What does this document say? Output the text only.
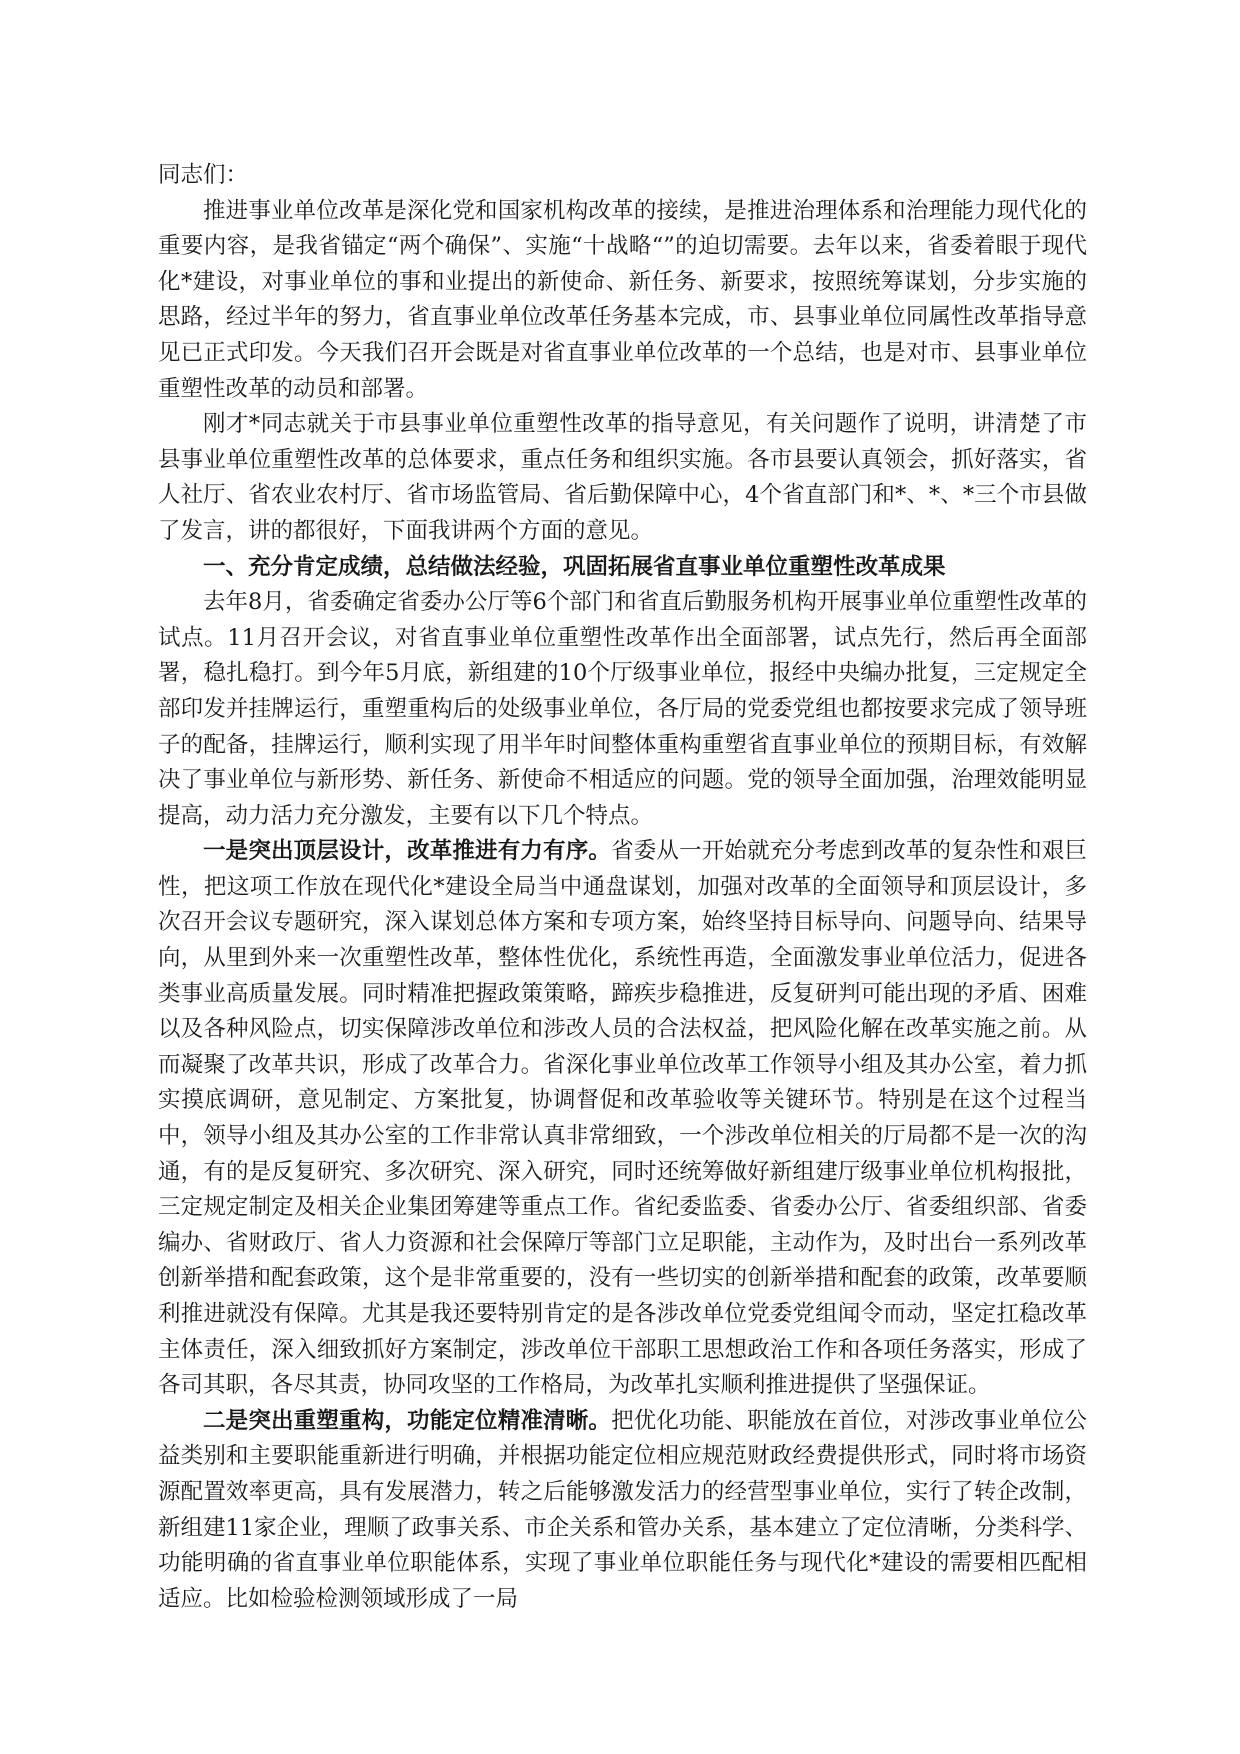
同志们：

推进事业单位改革是深化党和国家机构改革的接续，是推进治理体系和治理能力现代化的重要内容，是我省锚定“两个确保”、实施“十战略“”的迫切需要。去年以来，省委着眼于现代化*建设，对事业单位的事和业提出的新使命、新任务、新要求，按照统筹谋划，分步实施的思路，经过半年的努力，省直事业单位改革任务基本完成，市、县事业单位同属性改革指导意见已正式印发。今天我们召开会既是对省直事业单位改革的一个总结，也是对市、县事业单位重塑性改革的动员和部署。

刚才*同志就关于市县事业单位重塑性改革的指导意见，有关问题作了说明，讲清楚了市县事业单位重塑性改革的总体要求，重点任务和组织实施。各市县要认真领会，抓好落实，省人社厅、省农业农村厅、省市场监管局、省后勤保障中心，4个省直部门和*、*、*三个市县做了发言，讲的都很好，下面我讲两个方面的意见。

一、充分肯定成绩，总结做法经验，巩固拓展省直事业单位重塑性改革成果

去年8月，省委确定省委办公厅等6个部门和省直后勤服务机构开展事业单位重塑性改革的试点。11月召开会议，对省直事业单位重塑性改革作出全面部署，试点先行，然后再全面部署，稳扎稳打。到今年5月底，新组建的10个厅级事业单位，报经中央编办批复，三定规定全部印发并挂牌运行，重塑重构后的处级事业单位，各厅局的党委党组也都按要求完成了领导班子的配备，挂牌运行，顺利实现了用半年时间整体重构重塑省直事业单位的预期目标，有效解决了事业单位与新形势、新任务、新使命不相适应的问题。党的领导全面加强，治理效能明显提高，动力活力充分激发，主要有以下几个特点。

一是突出顶层设计，改革推进有力有序。省委从一开始就充分考虑到改革的复杂性和艰巨性，把这项工作放在现代化*建设全局当中通盘谋划，加强对改革的全面领导和顶层设计，多次召开会议专题研究，深入谋划总体方案和专项方案，始终坚持目标导向、问题导向、结果导向，从里到外来一次重塑性改革，整体性优化，系统性再造，全面激发事业单位活力，促进各类事业高质量发展。同时精准把握政策策略，蹄疾步稳推进，反复研判可能出现的矛盾、困难以及各种风险点，切实保障涉改单位和涉改人员的合法权益，把风险化解在改革实施之前。从而凝聚了改革共识，形成了改革合力。省深化事业单位改革工作领导小组及其办公室，着力抓实摸底调研，意见制定、方案批复，协调督促和改革验收等关键环节。特别是在这个过程当中，领导小组及其办公室的工作非常认真非常细致，一个涉改单位相关的厅局都不是一次的沟通，有的是反复研究、多次研究、深入研究，同时还统筹做好新组建厅级事业单位机构报批，三定规定制定及相关企业集团筹建等重点工作。省纪委监委、省委办公厅、省委组织部、省委编办、省财政厅、省人力资源和社会保障厅等部门立足职能，主动作为，及时出台一系列改革创新举措和配套政策，这个是非常重要的，没有一些切实的创新举措和配套的政策，改革要顺利推进就没有保障。尤其是我还要特别肯定的是各涉改单位党委党组闻令而动，坚定扛稳改革主体责任，深入细致抓好方案制定，涉改单位干部职工思想政治工作和各项任务落实，形成了各司其职，各尽其责，协同攻坚的工作格局，为改革扎实顺利推进提供了坚强保证。

二是突出重塑重构，功能定位精准清晰。把优化功能、职能放在首位，对涉改事业单位公益类别和主要职能重新进行明确，并根据功能定位相应规范财政经费提供形式，同时将市场资源配置效率更高，具有发展潜力，转之后能够激发活力的经营型事业单位，实行了转企改制，新组建11家企业，理顺了政事关系、市企关系和管办关系，基本建立了定位清晰，分类科学、功能明确的省直事业单位职能体系，实现了事业单位职能任务与现代化*建设的需要相匹配相适应。比如检验检测领域形成了一局
